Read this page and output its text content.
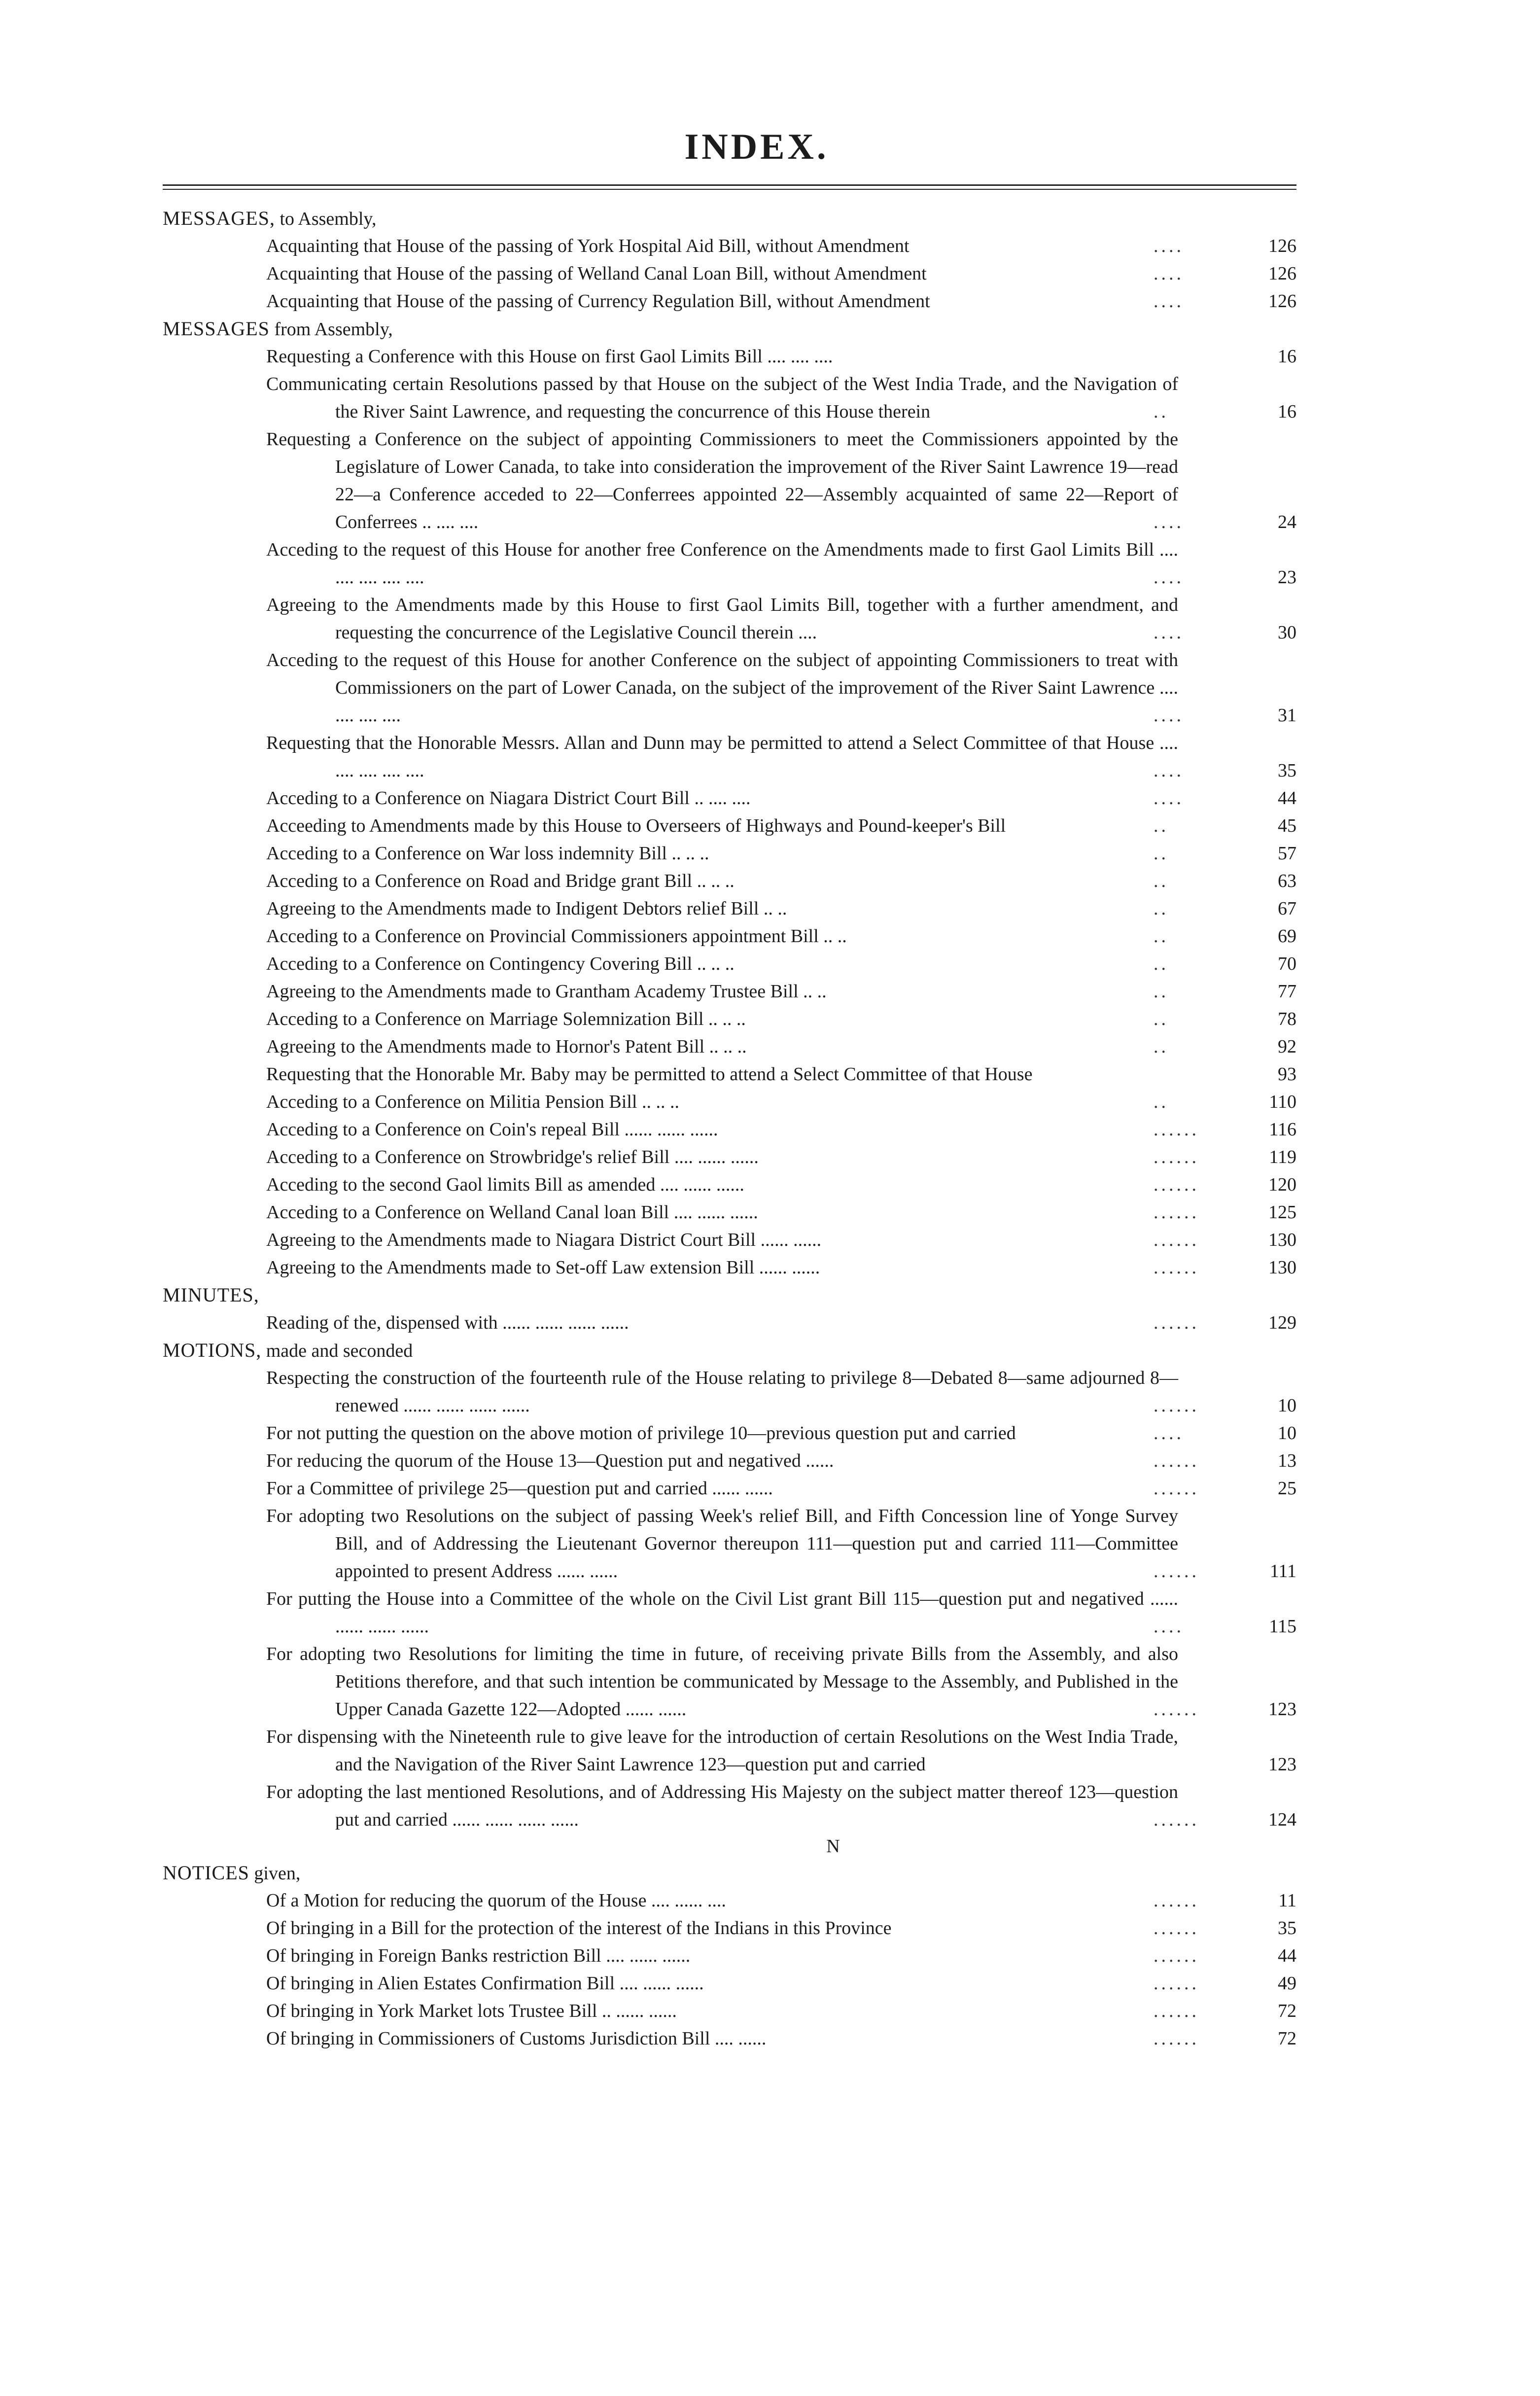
INDEX.
MESSAGES, to Assembly,
Acquainting that House of the passing of York Hospital Aid Bill, without Amendment	....	126
Acquainting that House of the passing of Welland Canal Loan Bill, without Amendment	....	126
Acquainting that House of the passing of Currency Regulation Bill, without Amendment	....	126
MESSAGES from Assembly,
Requesting a Conference with this House on first Gaol Limits Bill .... .... ....	16
Communicating certain Resolutions passed by that House on the subject of the West India Trade, and the Navigation of the River Saint Lawrence, and requesting the concurrence of this House therein	..	16
Requesting a Conference on the subject of appointing Commissioners to meet the Commissioners appointed by the Legislature of Lower Canada, to take into consideration the improvement of the River Saint Lawrence 19—read 22—a Conference acceded to 22—Conferrees appointed 22—Assembly acquainted of same 22—Report of Conferrees .. .... ....	....	24
Acceding to the request of this House for another free Conference on the Amendments made to first Gaol Limits Bill .... .... .... .... ....	....	23
Agreeing to the Amendments made by this House to first Gaol Limits Bill, together with a further amendment, and requesting the concurrence of the Legislative Council therein ....	....	30
Acceding to the request of this House for another Conference on the subject of appointing Commissioners to treat with Commissioners on the part of Lower Canada, on the subject of the improvement of the River Saint Lawrence .... .... .... ....	....	31
Requesting that the Honorable Messrs. Allan and Dunn may be permitted to attend a Select Committee of that House .... .... .... .... ....	....	35
Acceding to a Conference on Niagara District Court Bill .. .... ....	....	44
Acceeding to Amendments made by this House to Overseers of Highways and Pound-keeper's Bill	..	45
Acceding to a Conference on War loss indemnity Bill .. .. ..	..	57
Acceding to a Conference on Road and Bridge grant Bill .. .. ..	..	63
Agreeing to the Amendments made to Indigent Debtors relief Bill .. ..	..	67
Acceding to a Conference on Provincial Commissioners appointment Bill .. ..	..	69
Acceding to a Conference on Contingency Covering Bill .. .. ..	..	70
Agreeing to the Amendments made to Grantham Academy Trustee Bill .. ..	..	77
Acceding to a Conference on Marriage Solemnization Bill .. .. ..	..	78
Agreeing to the Amendments made to Hornor's Patent Bill .. .. ..	..	92
Requesting that the Honorable Mr. Baby may be permitted to attend a Select Committee of that House	93
Acceding to a Conference on Militia Pension Bill .. .. ..	..	110
Acceding to a Conference on Coin's repeal Bill ...... ...... ......	......	116
Acceding to a Conference on Strowbridge's relief Bill .... ...... ......	......	119
Acceding to the second Gaol limits Bill as amended .... ...... ......	......	120
Acceding to a Conference on Welland Canal loan Bill .... ...... ......	......	125
Agreeing to the Amendments made to Niagara District Court Bill ...... ......	......	130
Agreeing to the Amendments made to Set-off Law extension Bill ...... ......	......	130
MINUTES,
Reading of the, dispensed with ...... ...... ...... ......	......	129
MOTIONS, made and seconded
Respecting the construction of the fourteenth rule of the House relating to privilege 8—Debated 8—same adjourned 8—renewed ...... ...... ...... ......	......	10
For not putting the question on the above motion of privilege 10—previous question put and carried	....	10
For reducing the quorum of the House 13—Question put and negatived ......	......	13
For a Committee of privilege 25—question put and carried ...... ......	......	25
For adopting two Resolutions on the subject of passing Week's relief Bill, and Fifth Concession line of Yonge Survey Bill, and of Addressing the Lieutenant Governor thereupon 111—question put and carried 111—Committee appointed to present Address ...... ......	......	111
For putting the House into a Committee of the whole on the Civil List grant Bill 115—question put and negatived ...... ...... ...... ......	....	115
For adopting two Resolutions for limiting the time in future, of receiving private Bills from the Assembly, and also Petitions therefore, and that such intention be communicated by Message to the Assembly, and Published in the Upper Canada Gazette 122—Adopted ...... ......	......	123
For dispensing with the Nineteenth rule to give leave for the introduction of certain Resolutions on the West India Trade, and the Navigation of the River Saint Lawrence 123—question put and carried	123
For adopting the last mentioned Resolutions, and of Addressing His Majesty on the subject matter thereof 123—question put and carried ...... ...... ...... ......	......	124
N
NOTICES given,
Of a Motion for reducing the quorum of the House .... ...... ....	......	11
Of bringing in a Bill for the protection of the interest of the Indians in this Province	......	35
Of bringing in Foreign Banks restriction Bill .... ...... ......	......	44
Of bringing in Alien Estates Confirmation Bill .... ...... ......	......	49
Of bringing in York Market lots Trustee Bill .. ...... ......	......	72
Of bringing in Commissioners of Customs Jurisdiction Bill .... ......	......	72
